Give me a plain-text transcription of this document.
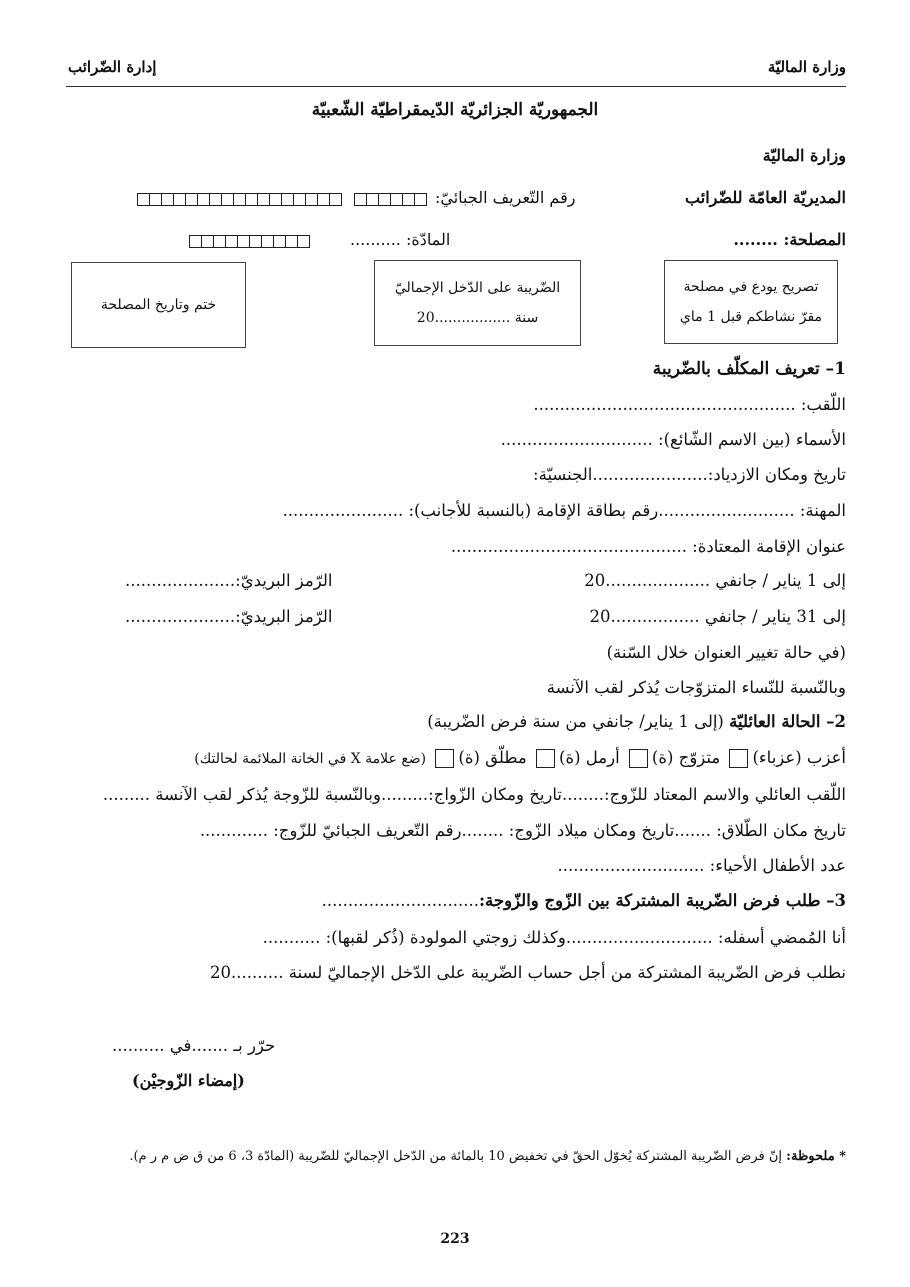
وزارة الماليّة
إدارة الضّرائب
الجمهوريّة الجزائريّة الدّيمقراطيّة الشّعبيّة
وزارة الماليّة
المديريّة العامّة للضّرائب
رقم التّعريف الجبائيّ:
المصلحة: ........
المادّة: ..........
تصريح يودع في مصلحة
مقرّ نشاطكم قبل 1 ماي
الضّريبة على الدّخل الإجماليّ
سنة .................20
ختم وتاريخ المصلحة
1– تعريف المكلّف بالضّريبة
اللّقب: ..................................................
الأسماء (بين الاسم الشّائع): .............................
تاريخ ومكان الازدياد:......................الجنسيّة:
المهنة: ..........................رقم بطاقة الإقامة (بالنسبة للأجانب): .......................
عنوان الإقامة المعتادة: .............................................
إلى 1 يناير / جانفي ....................20
الرّمز البريديّ:.....................
إلى 31 يناير / جانفي .................20
الرّمز البريديّ:.....................
(في حالة تغيير العنوان خلال السّنة)
وبالنّسبة للنّساء المتزوّجات يُذكر لقب الآنسة
2– الحالة العائليّة (إلى 1 يناير/ جانفي من سنة فرض الضّريبة)
أعزب (عزباء) متزوّج (ة) أرمل (ة) مطلّق (ة) (ضع علامة X في الخانة الملائمة لحالتك)
اللّقب العائلي والاسم المعتاد للزّوج:........تاريخ ومكان الزّواج:.........وبالنّسبة للزّوجة يُذكر لقب الآنسة .........
تاريخ مكان الطّلاق: .......تاريخ ومكان ميلاد الزّوج: ........رقم التّعريف الجبائيّ للزّوج: .............
عدد الأطفال الأحياء: ............................
3– طلب فرض الضّريبة المشتركة بين الزّوج والزّوجة:..............................
أنا المُمضي أسفله: ............................وكذلك زوجتي المولودة (ذُكر لقبها): ...........
نطلب فرض الضّريبة المشتركة من أجل حساب الضّريبة على الدّخل الإجماليّ لسنة ..........20
حرّر بـ .......في ..........
(إمضاء الزّوجيْن)
* ملحوظة: إنّ فرض الضّريبة المشتركة يُخوّل الحقّ في تخفيض 10 بالمائة من الدّخل الإجماليّ للضّريبة (المادّة 3، 6 من ق ض م ر م).
223
